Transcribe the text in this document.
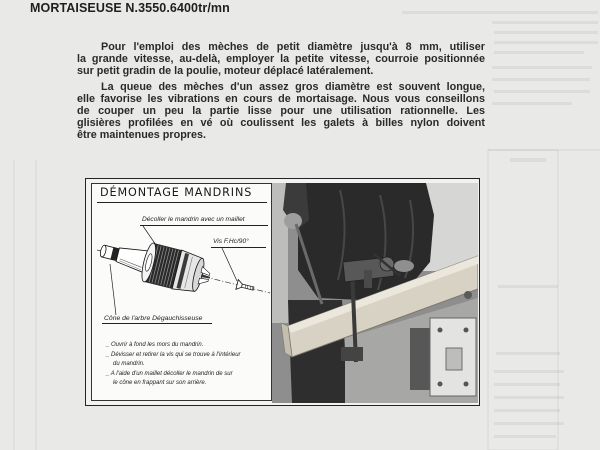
MORTAISEUSE N.3550.6400tr/mn
Pour l'emploi des mèches de petit diamètre jusqu'à 8 mm, utiliser
la grande vitesse, au-delà, employer la petite vitesse, courroie positionnée
sur petit gradin de la poulie, moteur déplacé latéralement.
La queue des mèches d'un assez gros diamètre est souvent longue,
elle favorise les vibrations en cours de mortaisage. Nous vous conseillons
de couper un peu la partie lisse pour une utilisation rationnelle. Les
glisières profilées en vé où coulissent les galets à billes nylon doivent
être maintenues propres.
DÉMONTAGE MANDRINS
Décoller le mandrin avec un maillet
Vis F.Hc/90°
Cône de l'arbre Dégauchisseuse
_ Ouvrir à fond les mors du mandrin.
_ Dévisser et retirer la vis qui se trouve à l'intérieur
du mandrin.
_ A l'aide d'un maillet décoller le mandrin de sur
le cône en frappant sur son arrière.
